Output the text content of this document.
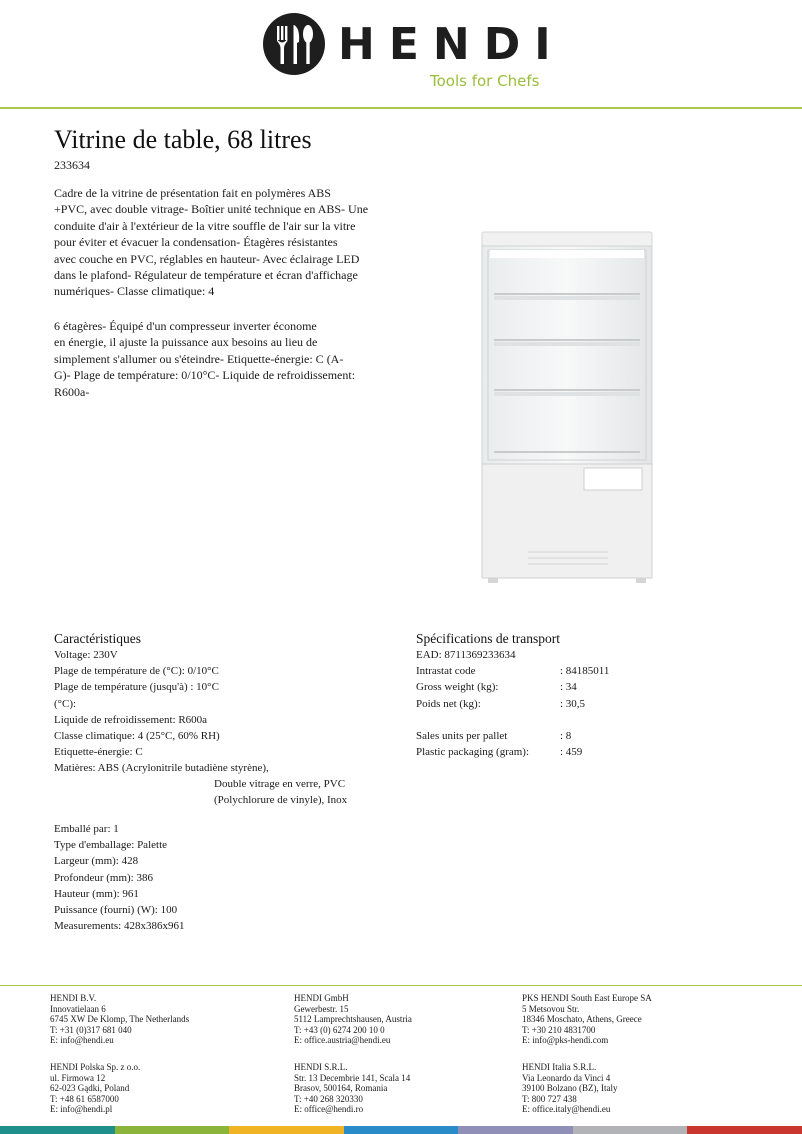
HENDI
Tools for Chefs
Vitrine de table, 68 litres
233634
Cadre de la vitrine de présentation fait en polymères ABS
+PVC, avec double vitrage- Boîtier unité technique en ABS- Une
conduite d'air à l'extérieur de la vitre souffle de l'air sur la vitre
pour éviter et évacuer la condensation- Étagères résistantes
avec couche en PVC, réglables en hauteur- Avec éclairage LED
dans le plafond- Régulateur de température et écran d'affichage
numériques- Classe climatique: 4
6 étagères- Équipé d'un compresseur inverter économe
en énergie, il ajuste la puissance aux besoins au lieu de
simplement s'allumer ou s'éteindre- Etiquette-énergie: C (A-
G)- Plage de température: 0/10°C- Liquide de refroidissement:
R600a-
Caractéristiques
Voltage: 230V
Plage de température de (°C): 0/10°C
Plage de température (jusqu'à) : 10°C
(°C):
Liquide de refroidissement: R600a
Classe climatique: 4 (25°C, 60% RH)
Etiquette-énergie: C
Matières: ABS (Acrylonitrile butadiène styrène),
Double vitrage en verre, PVC
(Polychlorure de vinyle), Inox
Emballé par: 1
Type d'emballage: Palette
Largeur (mm): 428
Profondeur (mm): 386
Hauteur (mm): 961
Puissance (fourni) (W): 100
Measurements: 428x386x961
Spécifications de transport
EAD: 8711369233634
Intrastat code	: 84185011
Gross weight (kg):	: 34
Poids net (kg):	: 30,5
Sales units per pallet	: 8
Plastic packaging (gram):	: 459
HENDI B.V.
Innovatielaan 6
6745 XW De Klomp, The Netherlands
T: +31 (0)317 681 040
E: info@hendi.eu
HENDI GmbH
Gewerbestr. 15
5112 Lamprechtshausen, Austria
T: +43 (0) 6274 200 10 0
E: office.austria@hendi.eu
PKS HENDI South East Europe SA
5 Metsovou Str.
18346 Moschato, Athens, Greece
T: +30 210 4831700
E: info@pks-hendi.com
HENDI Polska Sp. z o.o.
ul. Firmowa 12
62-023 Gądki, Poland
T: +48 61 6587000
E: info@hendi.pl
HENDI S.R.L.
Str. 13 Decembrie 141, Scala 14
Brasov, 500164, Romania
T: +40 268 320330
E: office@hendi.ro
HENDI Italia S.R.L.
Via Leonardo da Vinci 4
39100 Bolzano (BZ), Italy
T: 800 727 438
E: office.italy@hendi.eu
